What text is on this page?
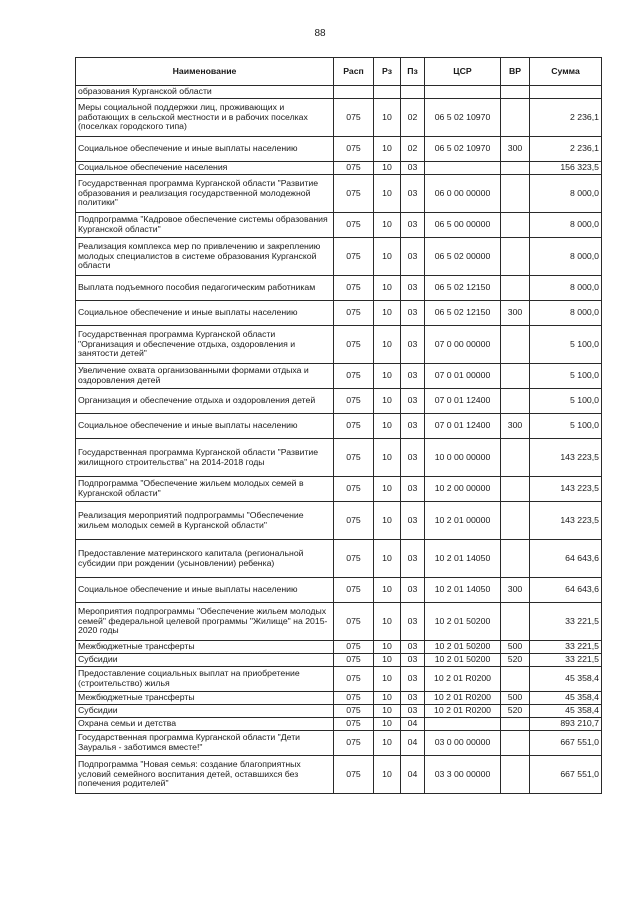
88
Наименование	Расп	Рз	Пз	ЦСР	ВР	Сумма
образования Курганской области						
Меры социальной поддержки лиц, проживающих и работающих в сельской местности и в рабочих поселках (поселках городского типа)	075	10	02	06 5 02 10970		2 236,1
Социальное обеспечение и иные выплаты населению	075	10	02	06 5 02 10970	300	2 236,1
Социальное обеспечение населения	075	10	03			156 323,5
Государственная программа Курганской области "Развитие образования и реализация государственной молодежной политики"	075	10	03	06 0 00 00000		8 000,0
Подпрограмма "Кадровое обеспечение системы образования Курганской области"	075	10	03	06 5 00 00000		8 000,0
Реализация комплекса мер по привлечению и закреплению молодых специалистов в системе образования Курганской области	075	10	03	06 5 02 00000		8 000,0
Выплата подъемного пособия педагогическим работникам	075	10	03	06 5 02 12150		8 000,0
Социальное обеспечение и иные выплаты населению	075	10	03	06 5 02 12150	300	8 000,0
Государственная программа Курганской области "Организация и обеспечение отдыха, оздоровления и занятости детей"	075	10	03	07 0 00 00000		5 100,0
Увеличение охвата организованными формами отдыха и оздоровления детей	075	10	03	07 0 01 00000		5 100,0
Организация и обеспечение отдыха и оздоровления детей	075	10	03	07 0 01 12400		5 100,0
Социальное обеспечение и иные выплаты населению	075	10	03	07 0 01 12400	300	5 100,0
Государственная программа Курганской области "Развитие жилищного строительства" на 2014-2018 годы	075	10	03	10 0 00 00000		143 223,5
Подпрограмма "Обеспечение жильем молодых семей в Курганской области"	075	10	03	10 2 00 00000		143 223,5
Реализация мероприятий подпрограммы "Обеспечение жильем молодых семей в Курганской области"	075	10	03	10 2 01 00000		143 223,5
Предоставление материнского капитала (региональной субсидии при рождении (усыновлении) ребенка)	075	10	03	10 2 01 14050		64 643,6
Социальное обеспечение и иные выплаты населению	075	10	03	10 2 01 14050	300	64 643,6
Мероприятия подпрограммы "Обеспечение жильем молодых семей" федеральной целевой программы "Жилище" на 2015-2020 годы	075	10	03	10 2 01 50200		33 221,5
Межбюджетные трансферты	075	10	03	10 2 01 50200	500	33 221,5
Субсидии	075	10	03	10 2 01 50200	520	33 221,5
Предоставление социальных выплат на приобретение (строительство) жилья	075	10	03	10 2 01 R0200		45 358,4
Межбюджетные трансферты	075	10	03	10 2 01 R0200	500	45 358,4
Субсидии	075	10	03	10 2 01 R0200	520	45 358,4
Охрана семьи и детства	075	10	04			893 210,7
Государственная программа Курганской области "Дети Зауралья - заботимся вместе!"	075	10	04	03 0 00 00000		667 551,0
Подпрограмма "Новая семья: создание благоприятных условий семейного воспитания детей, оставшихся без попечения родителей"	075	10	04	03 3 00 00000		667 551,0
